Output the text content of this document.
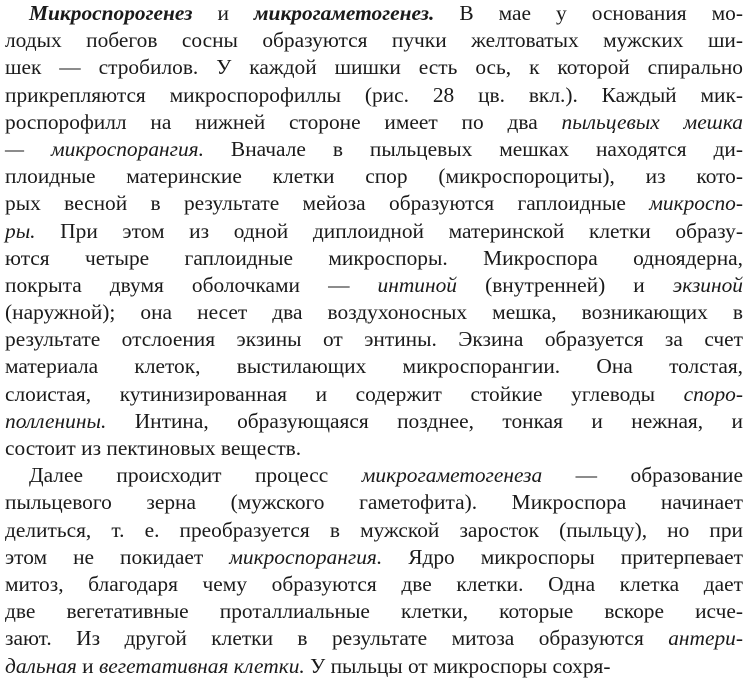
Микроспорогенез и микрогаметогенез. В мае у основания мо-
лодых побегов сосны образуются пучки желтоватых мужских ши-
шек — стробилов. У каждой шишки есть ось, к которой спирально
прикрепляются микроспорофиллы (рис. 28 цв. вкл.). Каждый мик-
роспорофилл на нижней стороне имеет по два пыльцевых мешка
— микроспорангия. Вначале в пыльцевых мешках находятся ди-
плоидные материнские клетки спор (микроспороциты), из кото-
рых весной в результате мейоза образуются гаплоидные микроспо-
ры. При этом из одной диплоидной материнской клетки образу-
ются четыре гаплоидные микроспоры. Микроспора одноядерна,
покрыта двумя оболочками — интиной (внутренней) и экзиной
(наружной); она несет два воздухоносных мешка, возникающих в
результате отслоения экзины от энтины. Экзина образуется за счет
материала клеток, выстилающих микроспорангии. Она толстая,
слоистая, кутинизированная и содержит стойкие углеводы споро-
полленины. Интина, образующаяся позднее, тонкая и нежная, и
состоит из пектиновых веществ.
Далее происходит процесс микрогаметогенеза — образование
пыльцевого зерна (мужского гаметофита). Микроспора начинает
делиться, т. е. преобразуется в мужской заросток (пыльцу), но при
этом не покидает микроспорангия. Ядро микроспоры притерпевает
митоз, благодаря чему образуются две клетки. Одна клетка дает
две вегетативные проталлиальные клетки, которые вскоре исче-
зают. Из другой клетки в результате митоза образуются антери-
дальная и вегетативная клетки. У пыльцы от микроспоры сохря-
